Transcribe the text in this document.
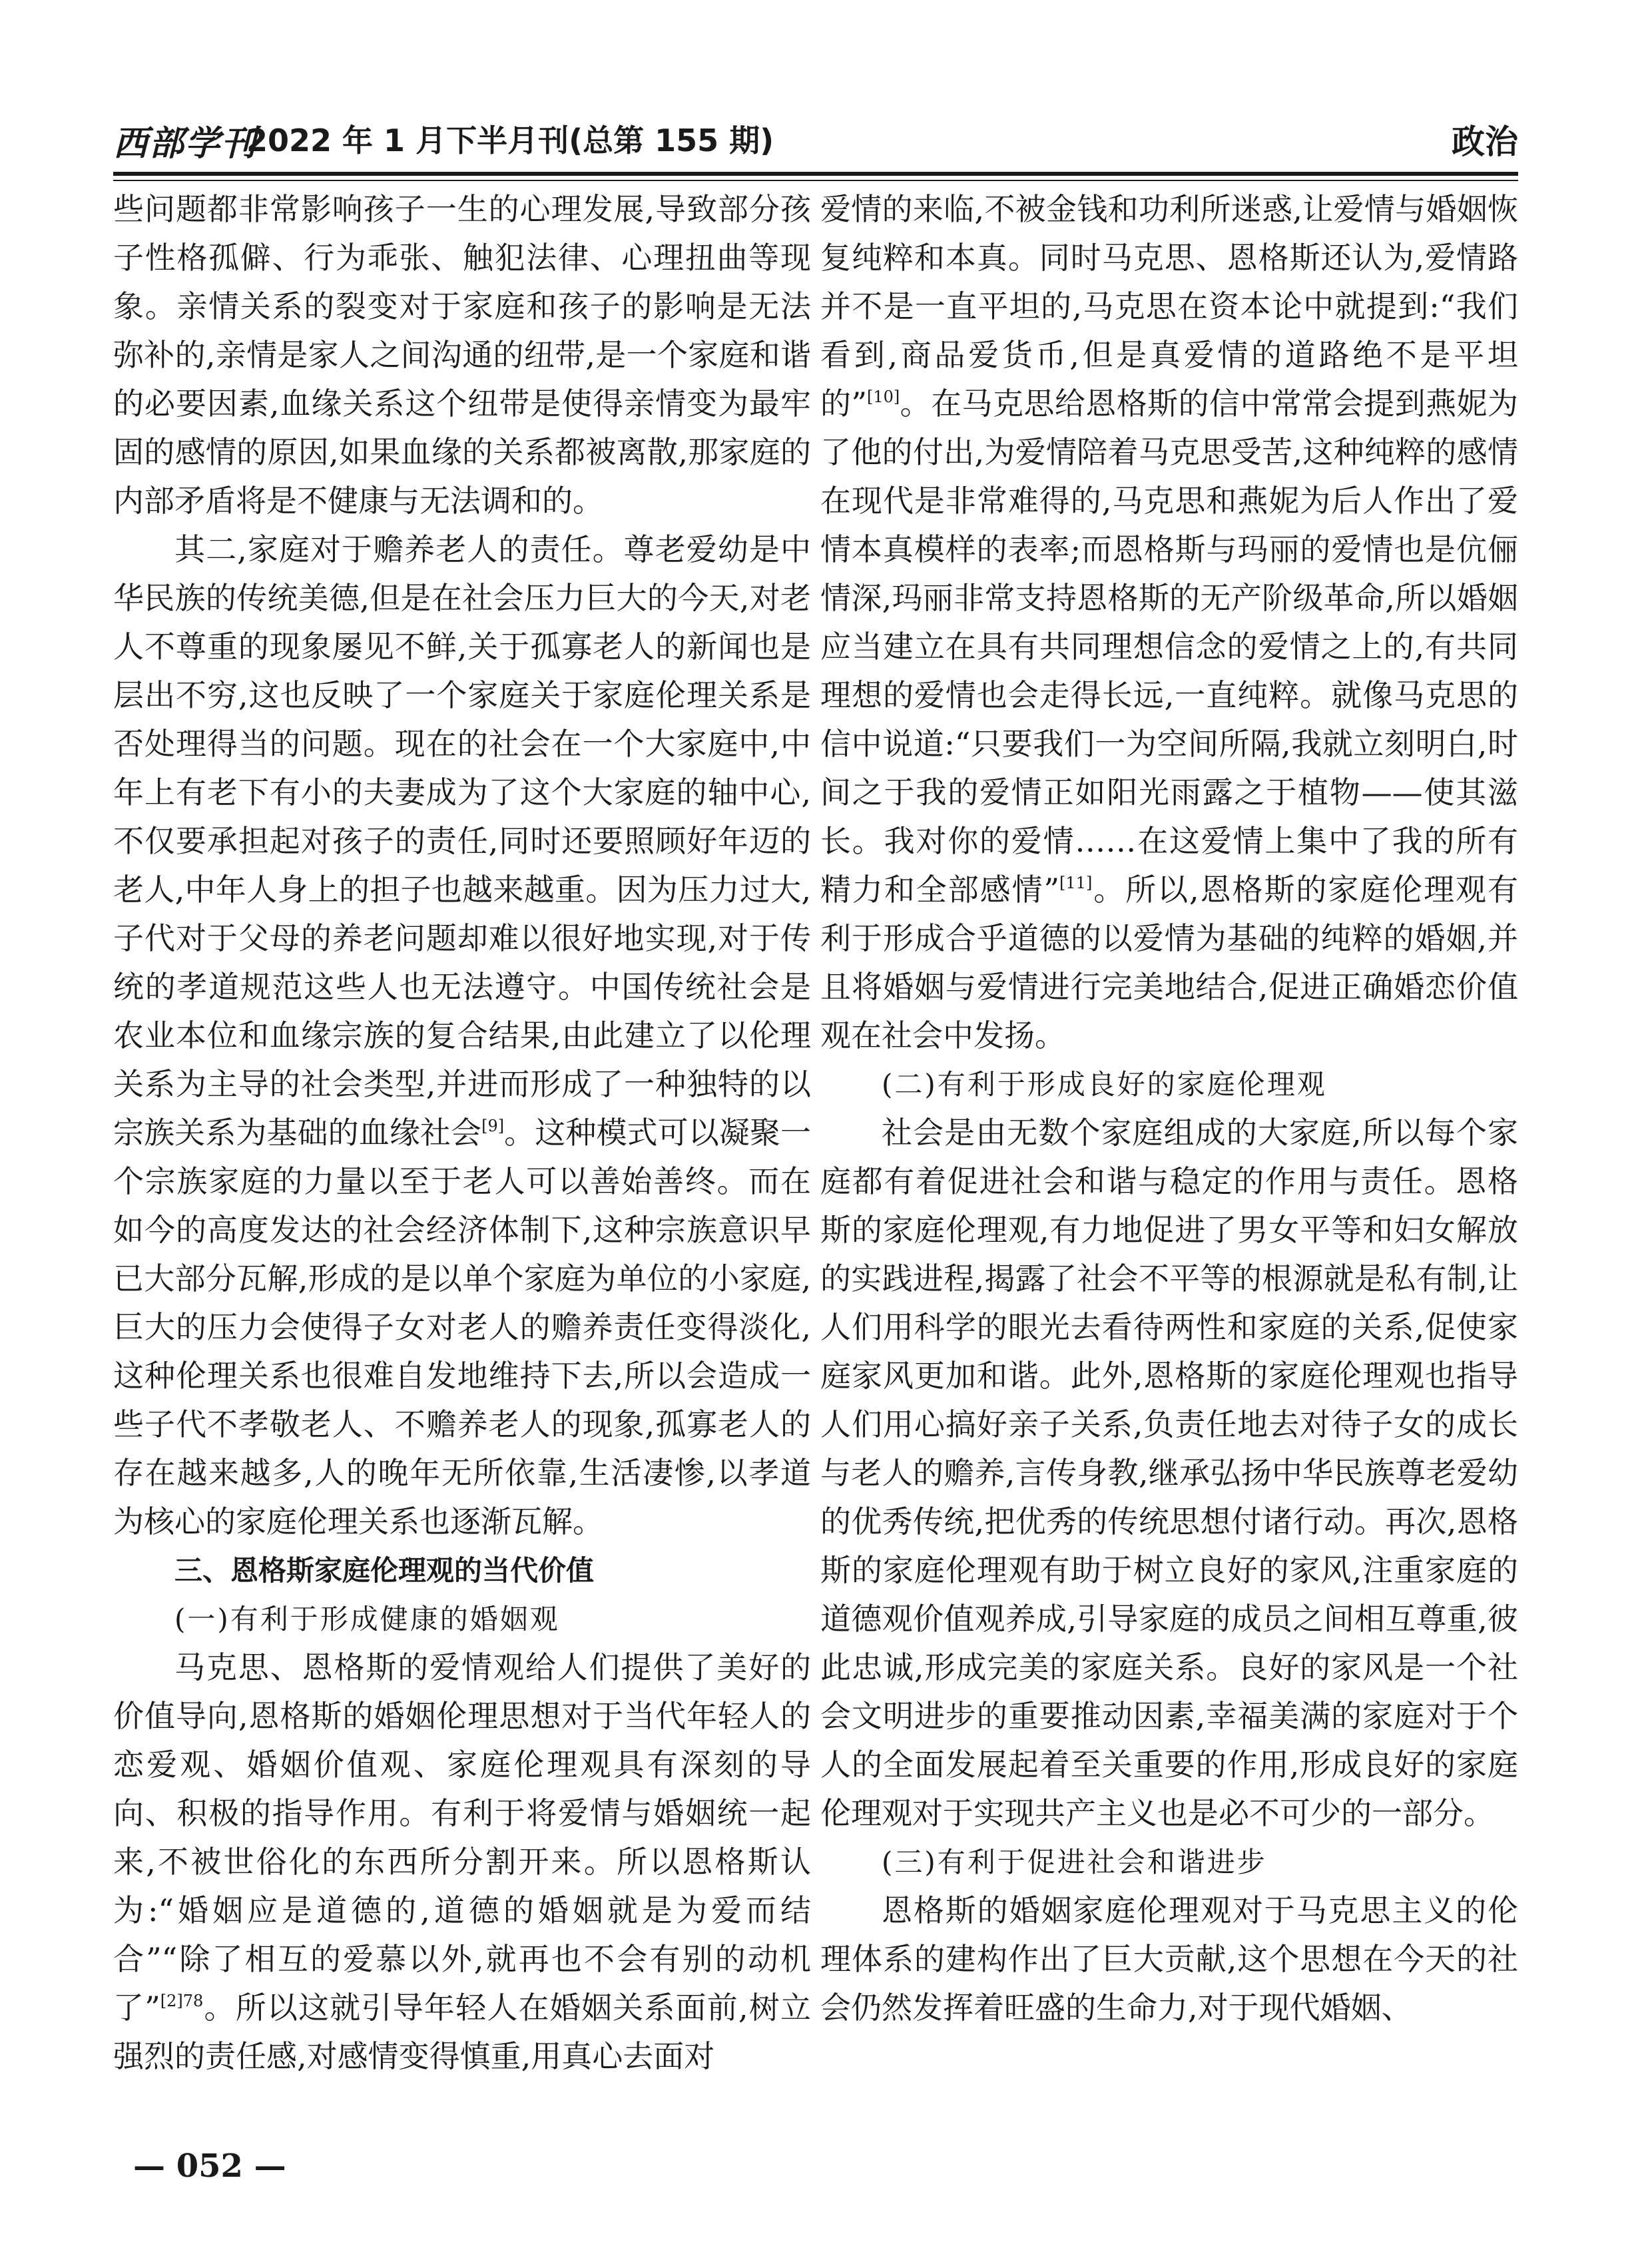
西部学刊
2022 年 1 月下半月刊(总第 155 期)	政治

些问题都非常影响孩子一生的心理发展,导致部分孩子性格孤僻、行为乖张、触犯法律、心理扭曲等现象。亲情关系的裂变对于家庭和孩子的影响是无法弥补的,亲情是家人之间沟通的纽带,是一个家庭和谐的必要因素,血缘关系这个纽带是使得亲情变为最牢固的感情的原因,如果血缘的关系都被离散,那家庭的内部矛盾将是不健康与无法调和的。

其二,家庭对于赡养老人的责任。尊老爱幼是中华民族的传统美德,但是在社会压力巨大的今天,对老人不尊重的现象屡见不鲜,关于孤寡老人的新闻也是层出不穷,这也反映了一个家庭关于家庭伦理关系是否处理得当的问题。现在的社会在一个大家庭中,中年上有老下有小的夫妻成为了这个大家庭的轴中心,不仅要承担起对孩子的责任,同时还要照顾好年迈的老人,中年人身上的担子也越来越重。因为压力过大,子代对于父母的养老问题却难以很好地实现,对于传统的孝道规范这些人也无法遵守。中国传统社会是农业本位和血缘宗族的复合结果,由此建立了以伦理关系为主导的社会类型,并进而形成了一种独特的以宗族关系为基础的血缘社会[9]。这种模式可以凝聚一个宗族家庭的力量以至于老人可以善始善终。而在如今的高度发达的社会经济体制下,这种宗族意识早已大部分瓦解,形成的是以单个家庭为单位的小家庭,巨大的压力会使得子女对老人的赡养责任变得淡化,这种伦理关系也很难自发地维持下去,所以会造成一些子代不孝敬老人、不赡养老人的现象,孤寡老人的存在越来越多,人的晚年无所依靠,生活凄惨,以孝道为核心的家庭伦理关系也逐渐瓦解。

三、恩格斯家庭伦理观的当代价值

(一)有利于形成健康的婚姻观

马克思、恩格斯的爱情观给人们提供了美好的价值导向,恩格斯的婚姻伦理思想对于当代年轻人的恋爱观、婚姻价值观、家庭伦理观具有深刻的导向、积极的指导作用。有利于将爱情与婚姻统一起来,不被世俗化的东西所分割开来。所以恩格斯认为:“婚姻应是道德的,道德的婚姻就是为爱而结合”“除了相互的爱慕以外,就再也不会有别的动机了”$^{[2]78}$。所以这就引导年轻人在婚姻关系面前,树立强烈的责任感,对感情变得慎重,用真心去面对

爱情的来临,不被金钱和功利所迷惑,让爱情与婚姻恢复纯粹和本真。同时马克思、恩格斯还认为,爱情路并不是一直平坦的,马克思在资本论中就提到:“我们看到,商品爱货币,但是真爱情的道路绝不是平坦的”[10]。在马克思给恩格斯的信中常常会提到燕妮为了他的付出,为爱情陪着马克思受苦,这种纯粹的感情在现代是非常难得的,马克思和燕妮为后人作出了爱情本真模样的表率;而恩格斯与玛丽的爱情也是伉俪情深,玛丽非常支持恩格斯的无产阶级革命,所以婚姻应当建立在具有共同理想信念的爱情之上的,有共同理想的爱情也会走得长远,一直纯粹。就像马克思的信中说道:“只要我们一为空间所隔,我就立刻明白,时间之于我的爱情正如阳光雨露之于植物——使其滋长。我对你的爱情……在这爱情上集中了我的所有精力和全部感情”[11]。所以,恩格斯的家庭伦理观有利于形成合乎道德的以爱情为基础的纯粹的婚姻,并且将婚姻与爱情进行完美地结合,促进正确婚恋价值观在社会中发扬。

(二)有利于形成良好的家庭伦理观

社会是由无数个家庭组成的大家庭,所以每个家庭都有着促进社会和谐与稳定的作用与责任。恩格斯的家庭伦理观,有力地促进了男女平等和妇女解放的实践进程,揭露了社会不平等的根源就是私有制,让人们用科学的眼光去看待两性和家庭的关系,促使家庭家风更加和谐。此外,恩格斯的家庭伦理观也指导人们用心搞好亲子关系,负责任地去对待子女的成长与老人的赡养,言传身教,继承弘扬中华民族尊老爱幼的优秀传统,把优秀的传统思想付诸行动。再次,恩格斯的家庭伦理观有助于树立良好的家风,注重家庭的道德观价值观养成,引导家庭的成员之间相互尊重,彼此忠诚,形成完美的家庭关系。良好的家风是一个社会文明进步的重要推动因素,幸福美满的家庭对于个人的全面发展起着至关重要的作用,形成良好的家庭伦理观对于实现共产主义也是必不可少的一部分。

(三)有利于促进社会和谐进步

恩格斯的婚姻家庭伦理观对于马克思主义的伦理体系的建构作出了巨大贡献,这个思想在今天的社会仍然发挥着旺盛的生命力,对于现代婚姻、

— 052 —
